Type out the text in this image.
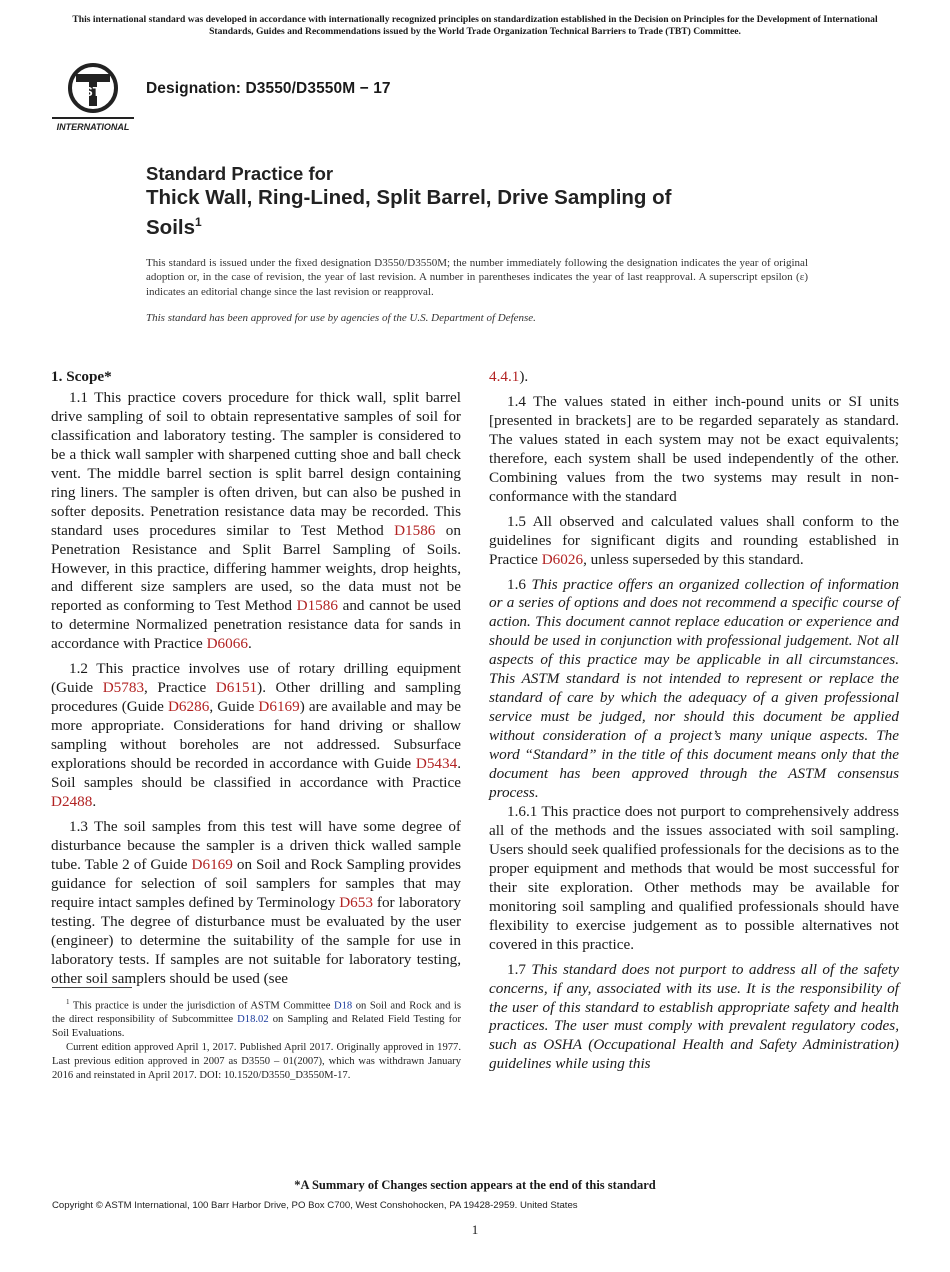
This international standard was developed in accordance with internationally recognized principles on standardization established in the Decision on Principles for the Development of International Standards, Guides and Recommendations issued by the World Trade Organization Technical Barriers to Trade (TBT) Committee.
ASTM
INTERNATIONAL
Designation: D3550/D3550M − 17
Standard Practice for
Thick Wall, Ring-Lined, Split Barrel, Drive Sampling of
Soils$^1$
This standard is issued under the fixed designation D3550/D3550M; the number immediately following the designation indicates the year of original adoption or, in the case of revision, the year of last revision. A number in parentheses indicates the year of last reapproval. A superscript epsilon (ε) indicates an editorial change since the last revision or reapproval.
This standard has been approved for use by agencies of the U.S. Department of Defense.
1. Scope*

1.1 This practice covers procedure for thick wall, split barrel drive sampling of soil to obtain representative samples of soil for classification and laboratory testing. The sampler is considered to be a thick wall sampler with sharpened cutting shoe and ball check vent. The middle barrel section is split barrel design containing ring liners. The sampler is often driven, but can also be pushed in softer deposits. Penetration resistance data may be recorded. This standard uses procedures similar to Test Method D1586 on Penetration Resistance and Split Barrel Sampling of Soils. However, in this practice, differing hammer weights, drop heights, and different size samplers are used, so the data must not be reported as conforming to Test Method D1586 and cannot be used to determine Normalized penetration resistance data for sands in accordance with Practice D6066.

1.2 This practice involves use of rotary drilling equipment (Guide D5783, Practice D6151). Other drilling and sampling procedures (Guide D6286, Guide D6169) are available and may be more appropriate. Considerations for hand driving or shallow sampling without boreholes are not addressed. Subsurface explorations should be recorded in accordance with Guide D5434. Soil samples should be classified in accordance with Practice D2488.

1.3 The soil samples from this test will have some degree of disturbance because the sampler is a driven thick walled sample tube. Table 2 of Guide D6169 on Soil and Rock Sampling provides guidance for selection of soil samplers for samples that may require intact samples defined by Terminology D653 for laboratory testing. The degree of disturbance must be evaluated by the user (engineer) to determine the suitability of the sample for use in laboratory tests. If samples are not suitable for laboratory testing, other soil samplers should be used (see

4.4.1).

1.4 The values stated in either inch-pound units or SI units [presented in brackets] are to be regarded separately as standard. The values stated in each system may not be exact equivalents; therefore, each system shall be used independently of the other. Combining values from the two systems may result in non-conformance with the standard

1.5 All observed and calculated values shall conform to the guidelines for significant digits and rounding established in Practice D6026, unless superseded by this standard.

1.6 This practice offers an organized collection of information or a series of options and does not recommend a specific course of action. This document cannot replace education or experience and should be used in conjunction with professional judgement. Not all aspects of this practice may be applicable in all circumstances. This ASTM standard is not intended to represent or replace the standard of care by which the adequacy of a given professional service must be judged, nor should this document be applied without consideration of a project’s many unique aspects. The word “Standard” in the title of this document means only that the document has been approved through the ASTM consensus process.

1.6.1 This practice does not purport to comprehensively address all of the methods and the issues associated with soil sampling. Users should seek qualified professionals for the decisions as to the proper equipment and methods that would be most successful for their site exploration. Other methods may be available for monitoring soil sampling and qualified professionals should have flexibility to exercise judgement as to possible alternatives not covered in this practice.

1.7 This standard does not purport to address all of the safety concerns, if any, associated with its use. It is the responsibility of the user of this standard to establish appropriate safety and health practices. The user must comply with prevalent regulatory codes, such as OSHA (Occupational Health and Safety Administration) guidelines while using this

$^1$ This practice is under the jurisdiction of ASTM Committee D18 on Soil and Rock and is the direct responsibility of Subcommittee D18.02 on Sampling and Related Field Testing for Soil Evaluations.

Current edition approved April 1, 2017. Published April 2017. Originally approved in 1977. Last previous edition approved in 2007 as D3550 – 01(2007), which was withdrawn January 2016 and reinstated in April 2017. DOI: 10.1520/D3550_D3550M-17.

*A Summary of Changes section appears at the end of this standard
Copyright © ASTM International, 100 Barr Harbor Drive, PO Box C700, West Conshohocken, PA 19428-2959. United States
1
